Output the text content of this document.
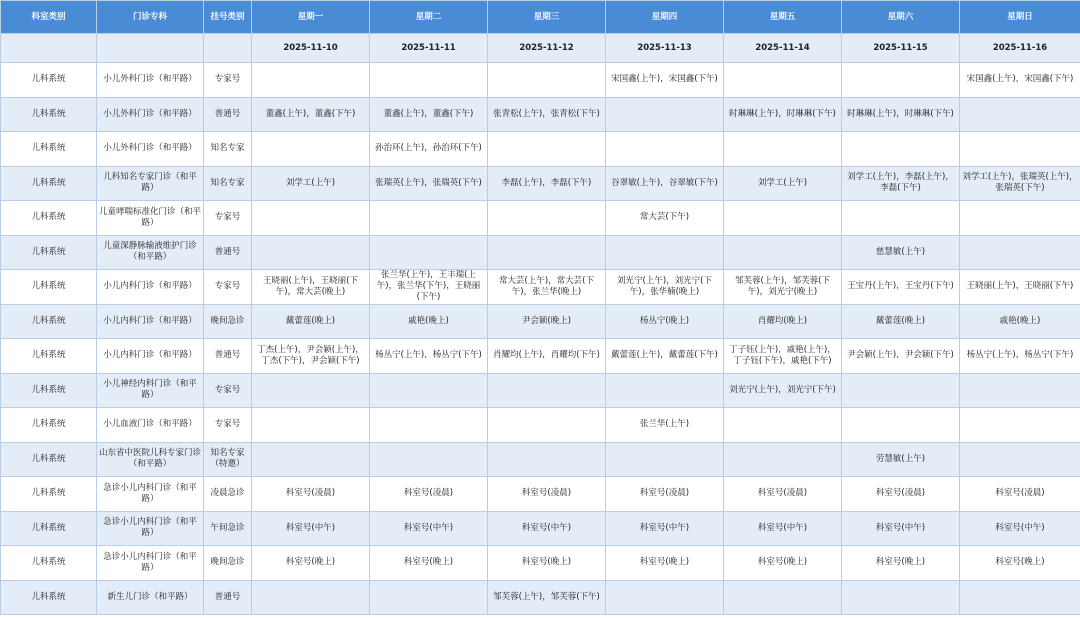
科室类别	门诊专科	挂号类别	星期一	星期二	星期三	星期四	星期五	星期六	星期日
			2025-11-10	2025-11-11	2025-11-12	2025-11-13	2025-11-14	2025-11-15	2025-11-16
儿科系统	小儿外科门诊（和平路）	专家号				宋国鑫(上午)，宋国鑫(下午)			宋国鑫(上午)，宋国鑫(下午)
儿科系统	小儿外科门诊（和平路）	普通号	董鑫(上午)，董鑫(下午)	董鑫(上午)，董鑫(下午)	张青松(上午)，张青松(下午)		时琳琳(上午)，时琳琳(下午)	时琳琳(上午)，时琳琳(下午)	
儿科系统	小儿外科门诊（和平路）	知名专家		孙治环(上午)，孙治环(下午)					
儿科系统	儿科知名专家门诊（和平路）	知名专家	刘学工(上午)	张瑞英(上午)，张瑞英(下午)	李磊(上午)，李磊(下午)	谷翠敏(上午)，谷翠敏(下午)	刘学工(上午)	刘学工(上午)，李磊(上午)，李磊(下午)	刘学工(上午)，张瑞英(上午)，张瑞英(下午)
儿科系统	儿童哮喘标准化门诊（和平路）	专家号				常大芸(下午)			
儿科系统	儿童深静脉输液维护门诊（和平路）	普通号						慈慧敏(上午)	
儿科系统	小儿内科门诊（和平路）	专家号	王晓丽(上午)，王晓丽(下午)，常大芸(晚上)	张兰华(上午)，王丰瑞(上午)，张兰华(下午)，王晓丽(下午)	常大芸(上午)，常大芸(下午)，张兰华(晚上)	刘光宁(上午)，刘光宁(下午)，张华楠(晚上)	邹芙蓉(上午)，邹芙蓉(下午)，刘光宁(晚上)	王宝丹(上午)，王宝丹(下午)	王晓丽(上午)，王晓丽(下午)
儿科系统	小儿内科门诊（和平路）	晚间急诊	戴蕾莲(晚上)	戚艳(晚上)	尹会颖(晚上)	杨丛宁(晚上)	肖耀均(晚上)	戴蕾莲(晚上)	戚艳(晚上)
儿科系统	小儿内科门诊（和平路）	普通号	丁杰(上午)，尹会颖(上午)，丁杰(下午)，尹会颖(下午)	杨丛宁(上午)，杨丛宁(下午)	肖耀均(上午)，肖耀均(下午)	戴蕾莲(上午)，戴蕾莲(下午)	丁子钰(上午)，戚艳(上午)，丁子钰(下午)，戚艳(下午)	尹会颖(上午)，尹会颖(下午)	杨丛宁(上午)，杨丛宁(下午)
儿科系统	小儿神经内科门诊（和平路）	专家号					刘光宁(上午)，刘光宁(下午)		
儿科系统	小儿血液门诊（和平路）	专家号				张兰华(上午)			
儿科系统	山东省中医院儿科专家门诊（和平路）	知名专家（特邀）						劳慧敏(上午)	
儿科系统	急诊小儿内科门诊（和平路）	凌晨急诊	科室号(凌晨)	科室号(凌晨)	科室号(凌晨)	科室号(凌晨)	科室号(凌晨)	科室号(凌晨)	科室号(凌晨)
儿科系统	急诊小儿内科门诊（和平路）	午间急诊	科室号(中午)	科室号(中午)	科室号(中午)	科室号(中午)	科室号(中午)	科室号(中午)	科室号(中午)
儿科系统	急诊小儿内科门诊（和平路）	晚间急诊	科室号(晚上)	科室号(晚上)	科室号(晚上)	科室号(晚上)	科室号(晚上)	科室号(晚上)	科室号(晚上)
儿科系统	新生儿门诊（和平路）	普通号			邹芙蓉(上午)，邹芙蓉(下午)				
